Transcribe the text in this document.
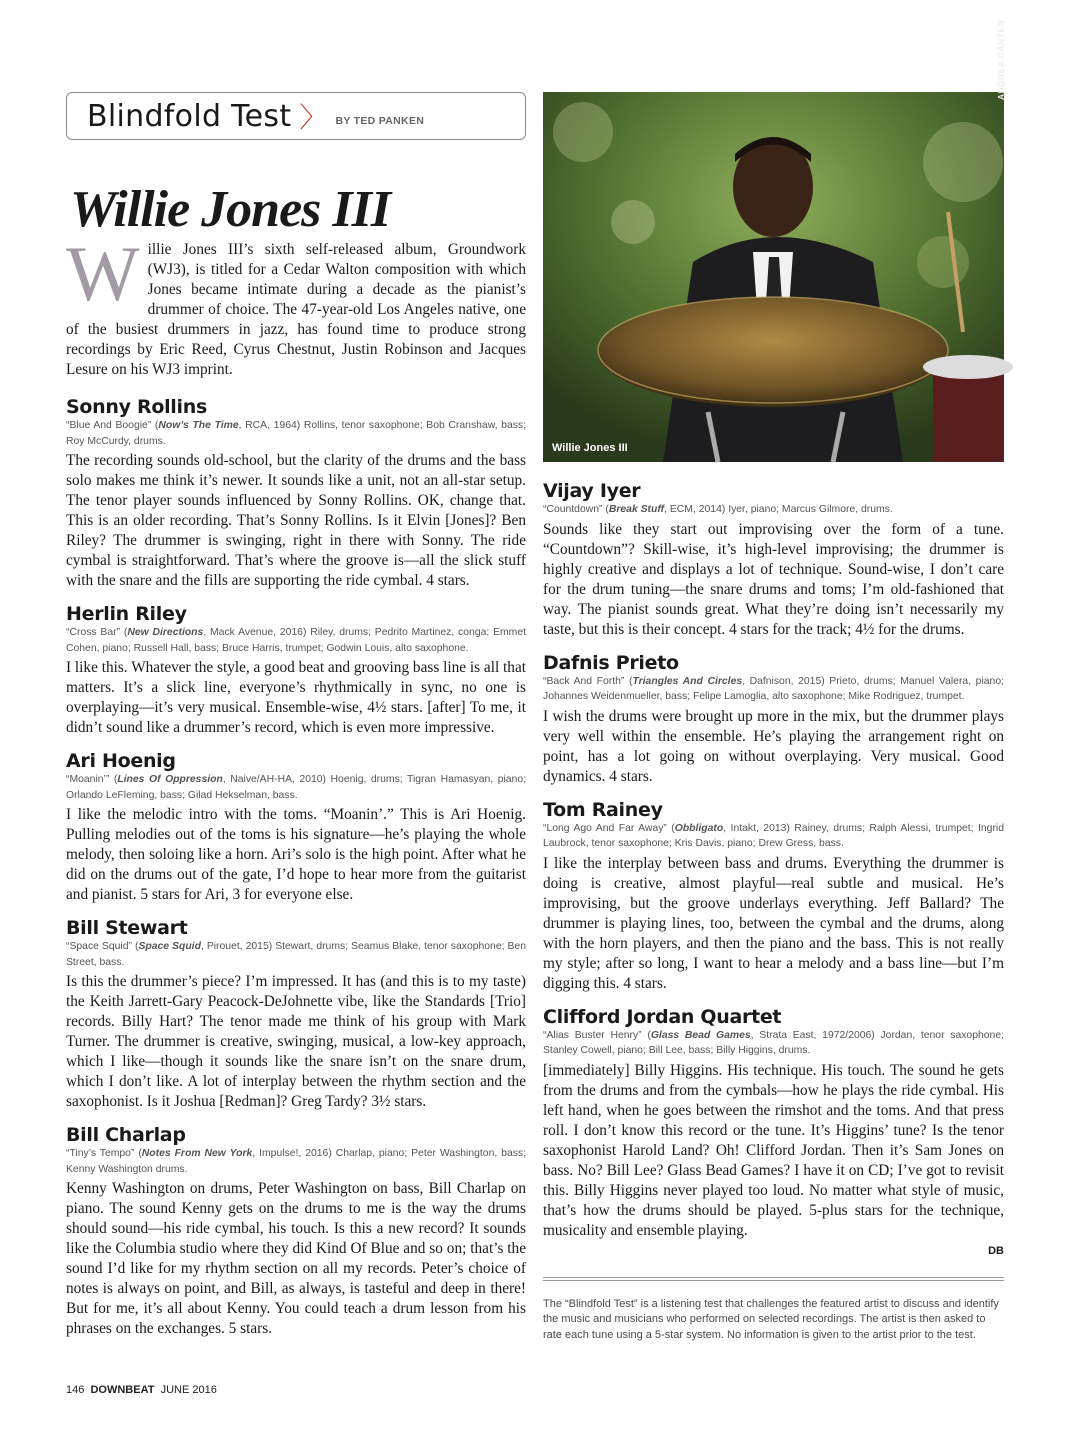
Blindfold Test 〉 BY TED PANKEN
Willie Jones III

Willie Jones III’s sixth self-released album, Groundwork (WJ3), is titled for a Cedar Walton composition with which Jones became intimate during a decade as the pianist’s drummer of choice. The 47-year-old Los Angeles native, one of the busiest drummers in jazz, has found time to produce strong recordings by Eric Reed, Cyrus Chestnut, Justin Robinson and Jacques Lesure on his WJ3 imprint.

Sonny Rollins
“Blue And Boogie” (Now’s The Time, RCA, 1964) Rollins, tenor saxophone; Bob Cranshaw, bass; Roy McCurdy, drums.
The recording sounds old-school, but the clarity of the drums and the bass solo makes me think it’s newer. It sounds like a unit, not an all-star setup. The tenor player sounds influenced by Sonny Rollins. OK, change that. This is an older recording. That’s Sonny Rollins. Is it Elvin [Jones]? Ben Riley? The drummer is swinging, right in there with Sonny. The ride cymbal is straightforward. That’s where the groove is—all the slick stuff with the snare and the fills are supporting the ride cymbal. 4 stars.
Herlin Riley
“Cross Bar” (New Directions, Mack Avenue, 2016) Riley, drums; Pedrito Martinez, conga; Emmet Cohen, piano; Russell Hall, bass; Bruce Harris, trumpet; Godwin Louis, alto saxophone.
I like this. Whatever the style, a good beat and grooving bass line is all that matters. It’s a slick line, everyone’s rhythmically in sync, no one is overplaying—it’s very musical. Ensemble-wise, 4½ stars. [after] To me, it didn’t sound like a drummer’s record, which is even more impressive.
Ari Hoenig
“Moanin’” (Lines Of Oppression, Naive/AH-HA, 2010) Hoenig, drums; Tigran Hamasyan, piano; Orlando LeFleming, bass; Gilad Hekselman, bass.
I like the melodic intro with the toms. “Moanin’.” This is Ari Hoenig. Pulling melodies out of the toms is his signature—he’s playing the whole melody, then soloing like a horn. Ari’s solo is the high point. After what he did on the drums out of the gate, I’d hope to hear more from the guitarist and pianist. 5 stars for Ari, 3 for everyone else.
Bill Stewart
“Space Squid” (Space Squid, Pirouet, 2015) Stewart, drums; Seamus Blake, tenor saxophone; Ben Street, bass.
Is this the drummer’s piece? I’m impressed. It has (and this is to my taste) the Keith Jarrett-Gary Peacock-DeJohnette vibe, like the Standards [Trio] records. Billy Hart? The tenor made me think of his group with Mark Turner. The drummer is creative, swinging, musical, a low-key approach, which I like—though it sounds like the snare isn’t on the snare drum, which I don’t like. A lot of interplay between the rhythm section and the saxophonist. Is it Joshua [Redman]? Greg Tardy? 3½ stars.
Bill Charlap
“Tiny’s Tempo” (Notes From New York, Impulse!, 2016) Charlap, piano; Peter Washington, bass; Kenny Washington drums.
Kenny Washington on drums, Peter Washington on bass, Bill Charlap on piano. The sound Kenny gets on the drums to me is the way the drums should sound—his ride cymbal, his touch. Is this a new record? It sounds like the Columbia studio where they did Kind Of Blue and so on; that’s the sound I’d like for my rhythm section on all my records. Peter’s choice of notes is always on point, and Bill, as always, is tasteful and deep in there! But for me, it’s all about Kenny. You could teach a drum lesson from his phrases on the exchanges. 5 stars.
ANDREA CANTER
Willie Jones III
Vijay Iyer
“Countdown” (Break Stuff, ECM, 2014) Iyer, piano; Marcus Gilmore, drums.
Sounds like they start out improvising over the form of a tune. “Countdown”? Skill-wise, it’s high-level improvising; the drummer is highly creative and displays a lot of technique. Sound-wise, I don’t care for the drum tuning—the snare drums and toms; I’m old-fashioned that way. The pianist sounds great. What they’re doing isn’t necessarily my taste, but this is their concept. 4 stars for the track; 4½ for the drums.
Dafnis Prieto
“Back And Forth” (Triangles And Circles, Dafnison, 2015) Prieto, drums; Manuel Valera, piano; Johannes Weidenmueller, bass; Felipe Lamoglia, alto saxophone; Mike Rodriguez, trumpet.
I wish the drums were brought up more in the mix, but the drummer plays very well within the ensemble. He’s playing the arrangement right on point, has a lot going on without overplaying. Very musical. Good dynamics. 4 stars.
Tom Rainey
“Long Ago And Far Away” (Obbligato, Intakt, 2013) Rainey, drums; Ralph Alessi, trumpet; Ingrid Laubrock, tenor saxophone; Kris Davis, piano; Drew Gress, bass.
I like the interplay between bass and drums. Everything the drummer is doing is creative, almost playful—real subtle and musical. He’s improvising, but the groove underlays everything. Jeff Ballard? The drummer is playing lines, too, between the cymbal and the drums, along with the horn players, and then the piano and the bass. This is not really my style; after so long, I want to hear a melody and a bass line—but I’m digging this. 4 stars.
Clifford Jordan Quartet
“Alias Buster Henry” (Glass Bead Games, Strata East, 1972/2006) Jordan, tenor saxophone; Stanley Cowell, piano; Bill Lee, bass; Billy Higgins, drums.
[immediately] Billy Higgins. His technique. His touch. The sound he gets from the drums and from the cymbals—how he plays the ride cymbal. His left hand, when he goes between the rimshot and the toms. And that press roll. I don’t know this record or the tune. It’s Higgins’ tune? Is the tenor saxophonist Harold Land? Oh! Clifford Jordan. Then it’s Sam Jones on bass. No? Bill Lee? Glass Bead Games? I have it on CD; I’ve got to revisit this. Billy Higgins never played too loud. No matter what style of music, that’s how the drums should be played. 5-plus stars for the technique, musicality and ensemble playing.
DB
The “Blindfold Test” is a listening test that challenges the featured artist to discuss and identify the music and musicians who performed on selected recordings. The artist is then asked to rate each tune using a 5-star system. No information is given to the artist prior to the test.
146 DOWNBEAT JUNE 2016
